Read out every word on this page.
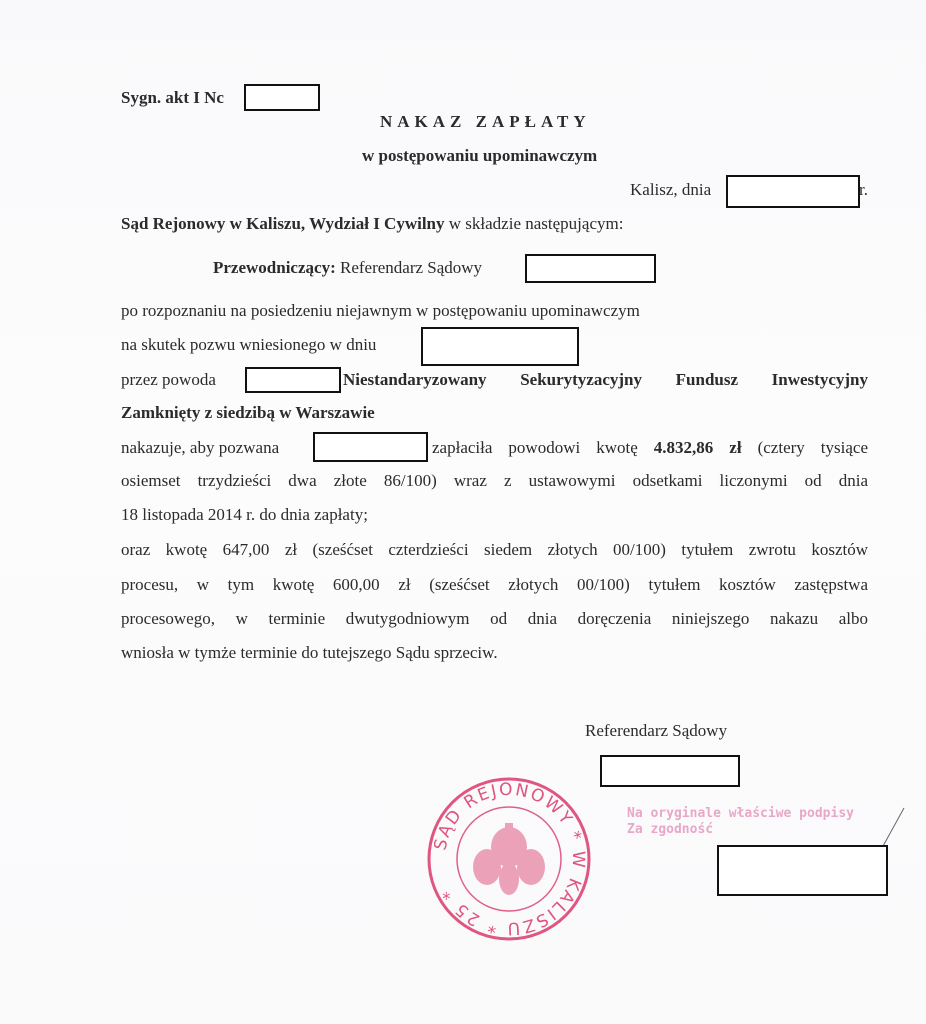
Sygn. akt I Nc
NAKAZ ZAPŁATY
w postępowaniu upominawczym
Kalisz, dnia	r.
Sąd Rejonowy w Kaliszu, Wydział I Cywilny w składzie następującym:
Przewodniczący: Referendarz Sądowy
po rozpoznaniu na posiedzeniu niejawnym w postępowaniu upominawczym
na skutek pozwu wniesionego w dniu
przez powoda	Niestandaryzowany Sekurytyzacyjny Fundusz Inwestycyjny
Zamknięty z siedzibą w Warszawie
nakazuje, aby pozwana	zapłaciła powodowi kwotę 4.832,86 zł (cztery tysiące
osiemset trzydzieści dwa złote 86/100) wraz z ustawowymi odsetkami liczonymi od dnia
18 listopada 2014 r. do dnia zapłaty;
oraz kwotę 647,00 zł (sześćset czterdzieści siedem złotych 00/100) tytułem zwrotu kosztów
procesu, w tym kwotę 600,00 zł (sześćset złotych 00/100) tytułem kosztów zastępstwa
procesowego, w terminie dwutygodniowym od dnia doręczenia niniejszego nakazu albo
wniosła w tymże terminie do tutejszego Sądu sprzeciw.
Referendarz Sądowy
SĄD REJONOWY * W KALISZU * 25 *
Na oryginale właściwe podpisy
Za zgodność
